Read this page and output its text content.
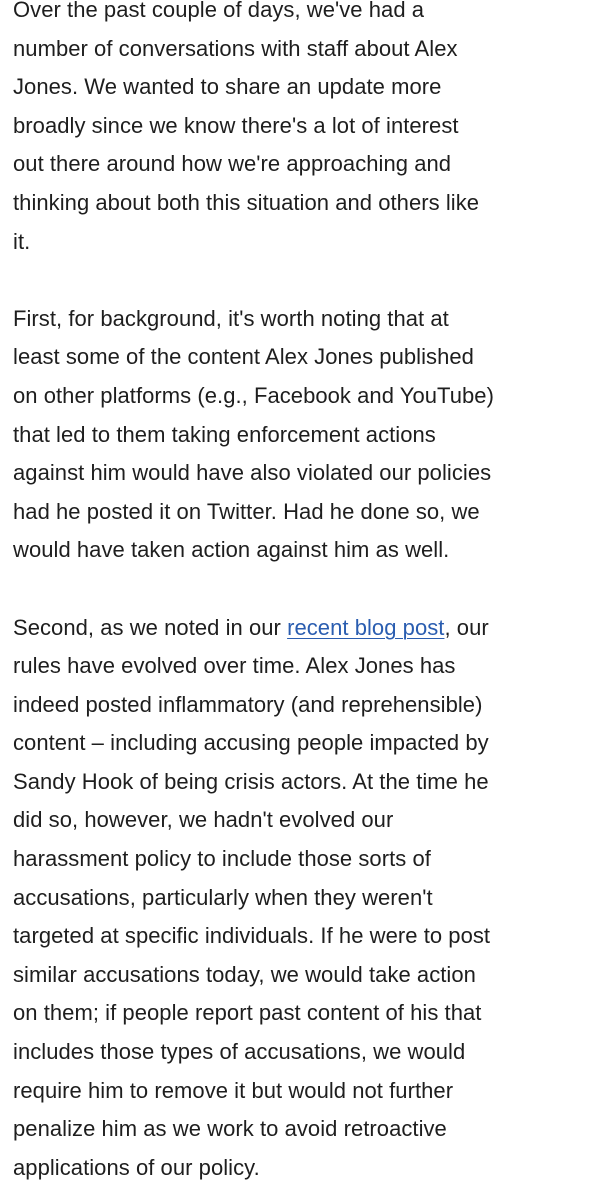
Over the past couple of days, we've had a
number of conversations with staff about Alex
Jones. We wanted to share an update more
broadly since we know there's a lot of interest
out there around how we're approaching and
thinking about both this situation and others like
it.

First, for background, it's worth noting that at
least some of the content Alex Jones published
on other platforms (e.g., Facebook and YouTube)
that led to them taking enforcement actions
against him would have also violated our policies
had he posted it on Twitter. Had he done so, we
would have taken action against him as well.

Second, as we noted in our recent blog post, our
rules have evolved over time. Alex Jones has
indeed posted inflammatory (and reprehensible)
content – including accusing people impacted by
Sandy Hook of being crisis actors. At the time he
did so, however, we hadn't evolved our
harassment policy to include those sorts of
accusations, particularly when they weren't
targeted at specific individuals. If he were to post
similar accusations today, we would take action
on them; if people report past content of his that
includes those types of accusations, we would
require him to remove it but would not further
penalize him as we work to avoid retroactive
applications of our policy.
